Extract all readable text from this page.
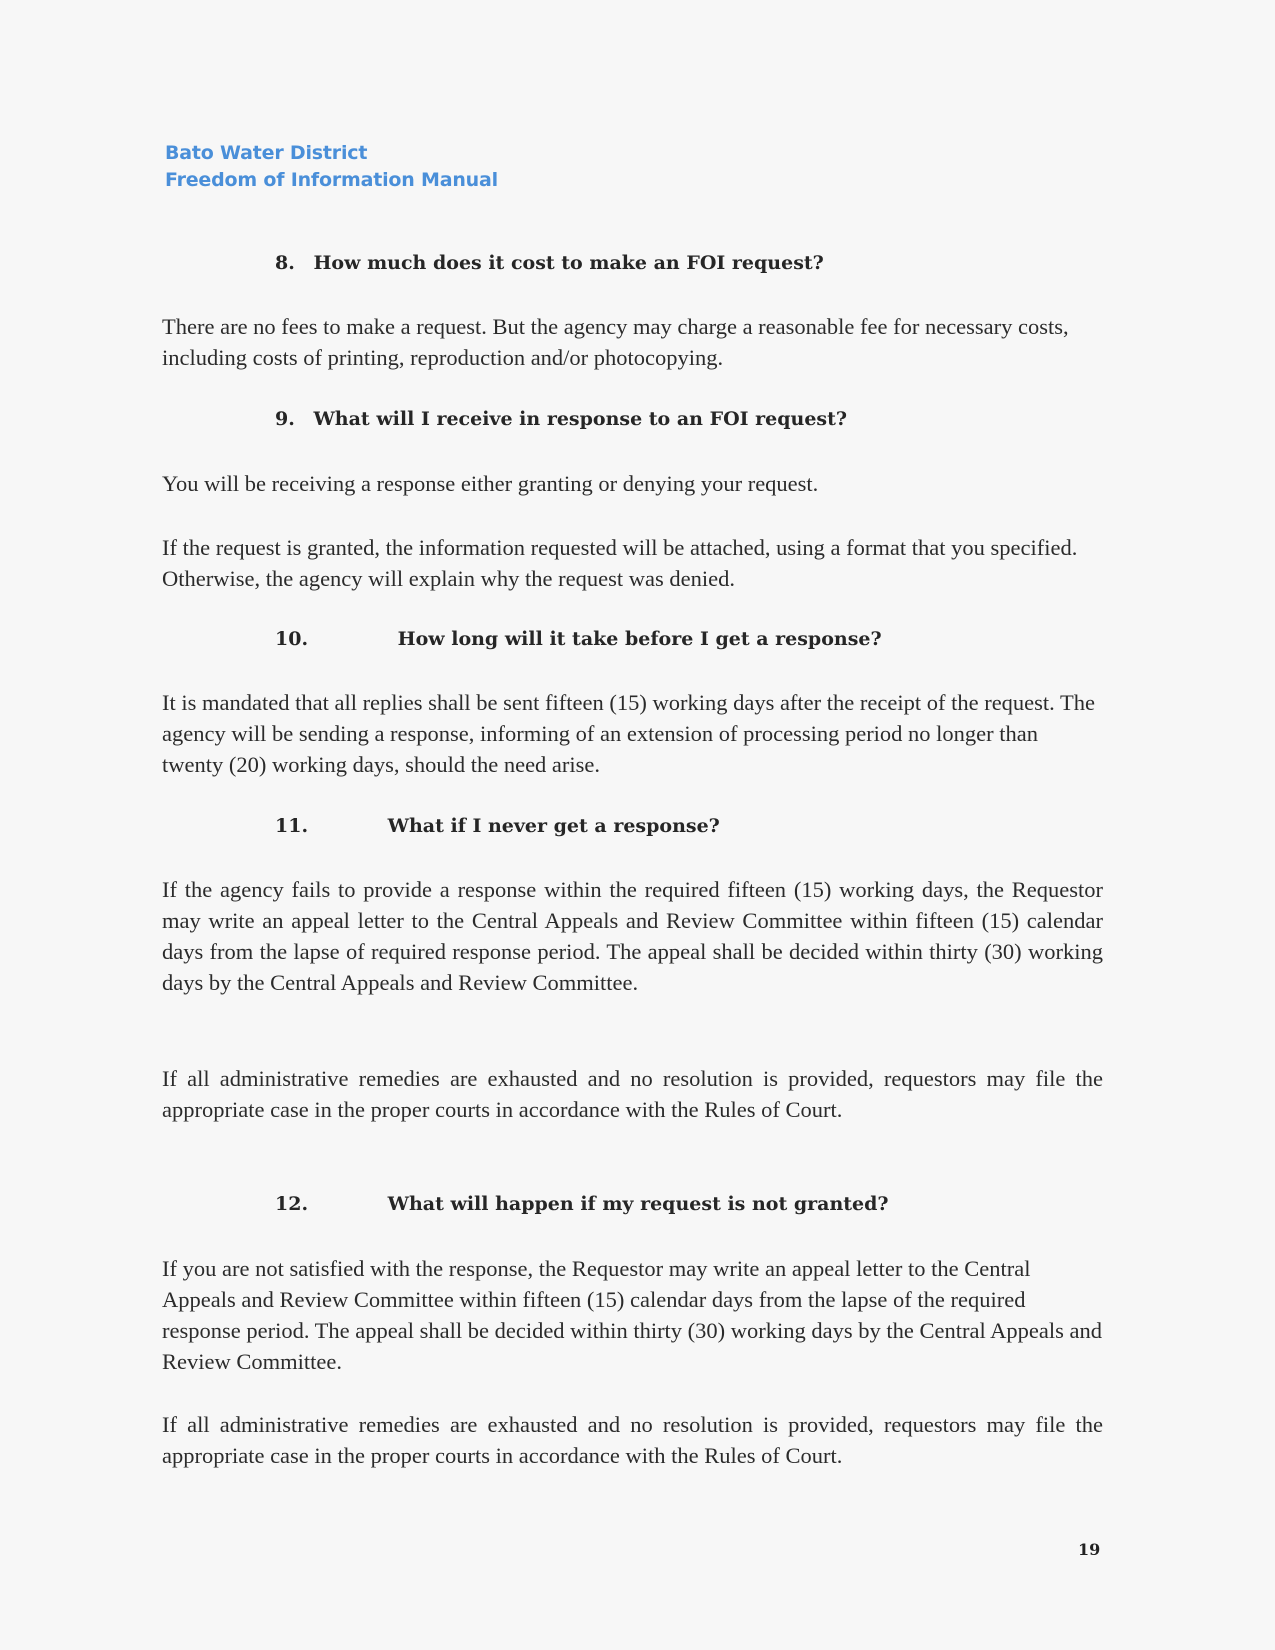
Bato Water District
Freedom of Information Manual
8. How much does it cost to make an FOI request?

There are no fees to make a request. But the agency may charge a reasonable fee for necessary costs, including costs of printing, reproduction and/or photocopying.

9. What will I receive in response to an FOI request?

You will be receiving a response either granting or denying your request.

If the request is granted, the information requested will be attached, using a format that you specified. Otherwise, the agency will explain why the request was denied.

10.	How long will it take before I get a response?

It is mandated that all replies shall be sent fifteen (15) working days after the receipt of the request. The agency will be sending a response, informing of an extension of processing period no longer than twenty (20) working days, should the need arise.

11.	What if I never get a response?

If the agency fails to provide a response within the required fifteen (15) working days, the Requestor may write an appeal letter to the Central Appeals and Review Committee within fifteen (15) calendar days from the lapse of required response period. The appeal shall be decided within thirty (30) working days by the Central Appeals and Review Committee.

If all administrative remedies are exhausted and no resolution is provided, requestors may file the appropriate case in the proper courts in accordance with the Rules of Court.

12.	What will happen if my request is not granted?

If you are not satisfied with the response, the Requestor may write an appeal letter to the Central Appeals and Review Committee within fifteen (15) calendar days from the lapse of the required response period. The appeal shall be decided within thirty (30) working days by the Central Appeals and Review Committee.

If all administrative remedies are exhausted and no resolution is provided, requestors may file the appropriate case in the proper courts in accordance with the Rules of Court.

19
